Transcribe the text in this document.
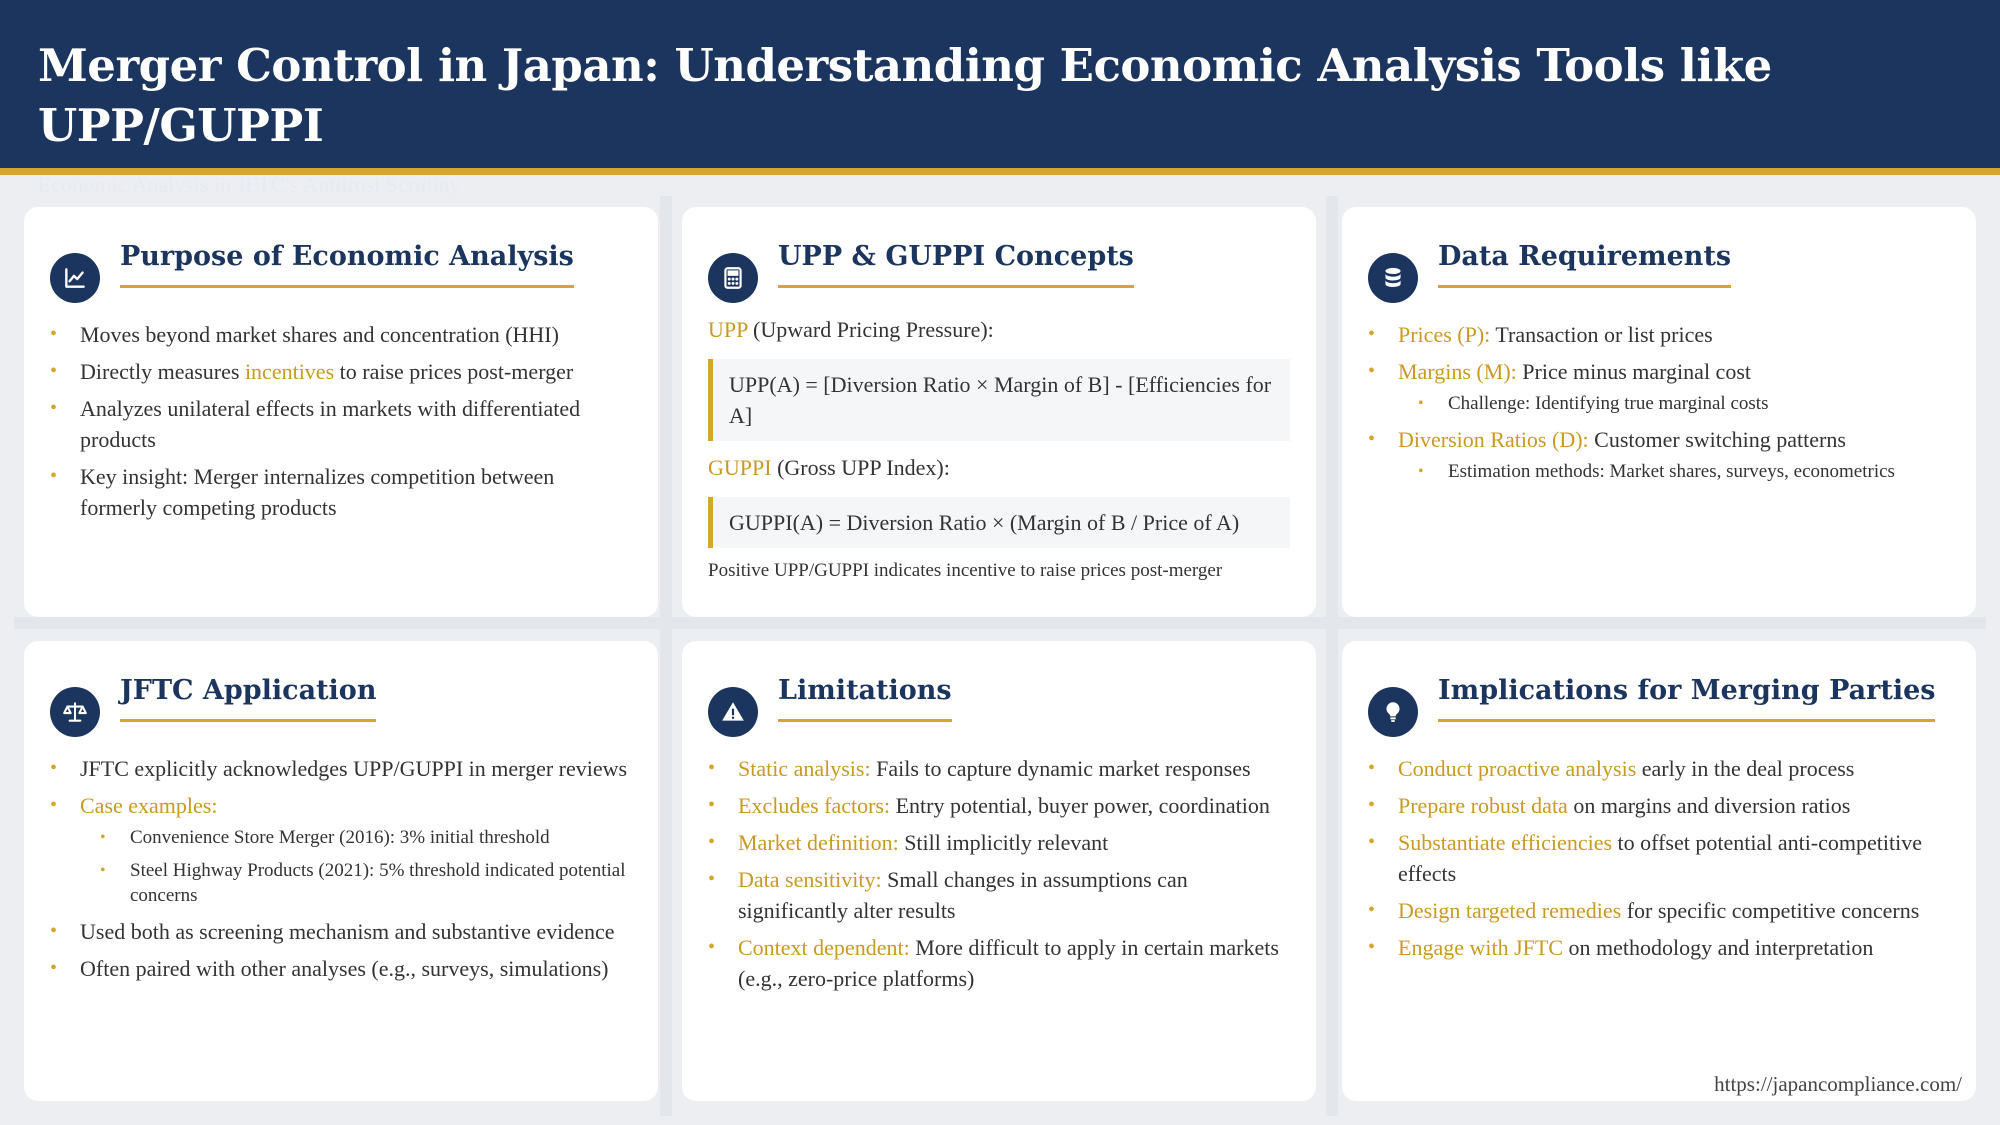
Merger Control in Japan: Understanding Economic Analysis Tools like UPP/GUPPI
Economic Analysis in JFTC's Antitrust Scrutiny
Purpose of Economic Analysis
• Moves beyond market shares and concentration (HHI)
• Directly measures incentives to raise prices post-merger
• Analyzes unilateral effects in markets with differentiated products
• Key insight: Merger internalizes competition between formerly competing products
UPP & GUPPI Concepts
UPP (Upward Pricing Pressure):
UPP(A) = [Diversion Ratio × Margin of B] - [Efficiencies for A]
GUPPI (Gross UPP Index):
GUPPI(A) = Diversion Ratio × (Margin of B / Price of A)
Positive UPP/GUPPI indicates incentive to raise prices post-merger
Data Requirements
• Prices (P): Transaction or list prices
• Margins (M): Price minus marginal cost
• Challenge: Identifying true marginal costs
• Diversion Ratios (D): Customer switching patterns
• Estimation methods: Market shares, surveys, econometrics
JFTC Application
• JFTC explicitly acknowledges UPP/GUPPI in merger reviews
• Case examples:
• Convenience Store Merger (2016): 3% initial threshold
• Steel Highway Products (2021): 5% threshold indicated potential concerns
• Used both as screening mechanism and substantive evidence
• Often paired with other analyses (e.g., surveys, simulations)
Limitations
• Static analysis: Fails to capture dynamic market responses
• Excludes factors: Entry potential, buyer power, coordination
• Market definition: Still implicitly relevant
• Data sensitivity: Small changes in assumptions can significantly alter results
• Context dependent: More difficult to apply in certain markets (e.g., zero-price platforms)
Implications for Merging Parties
• Conduct proactive analysis early in the deal process
• Prepare robust data on margins and diversion ratios
• Substantiate efficiencies to offset potential anti-competitive effects
• Design targeted remedies for specific competitive concerns
• Engage with JFTC on methodology and interpretation
https://japancompliance.com/
